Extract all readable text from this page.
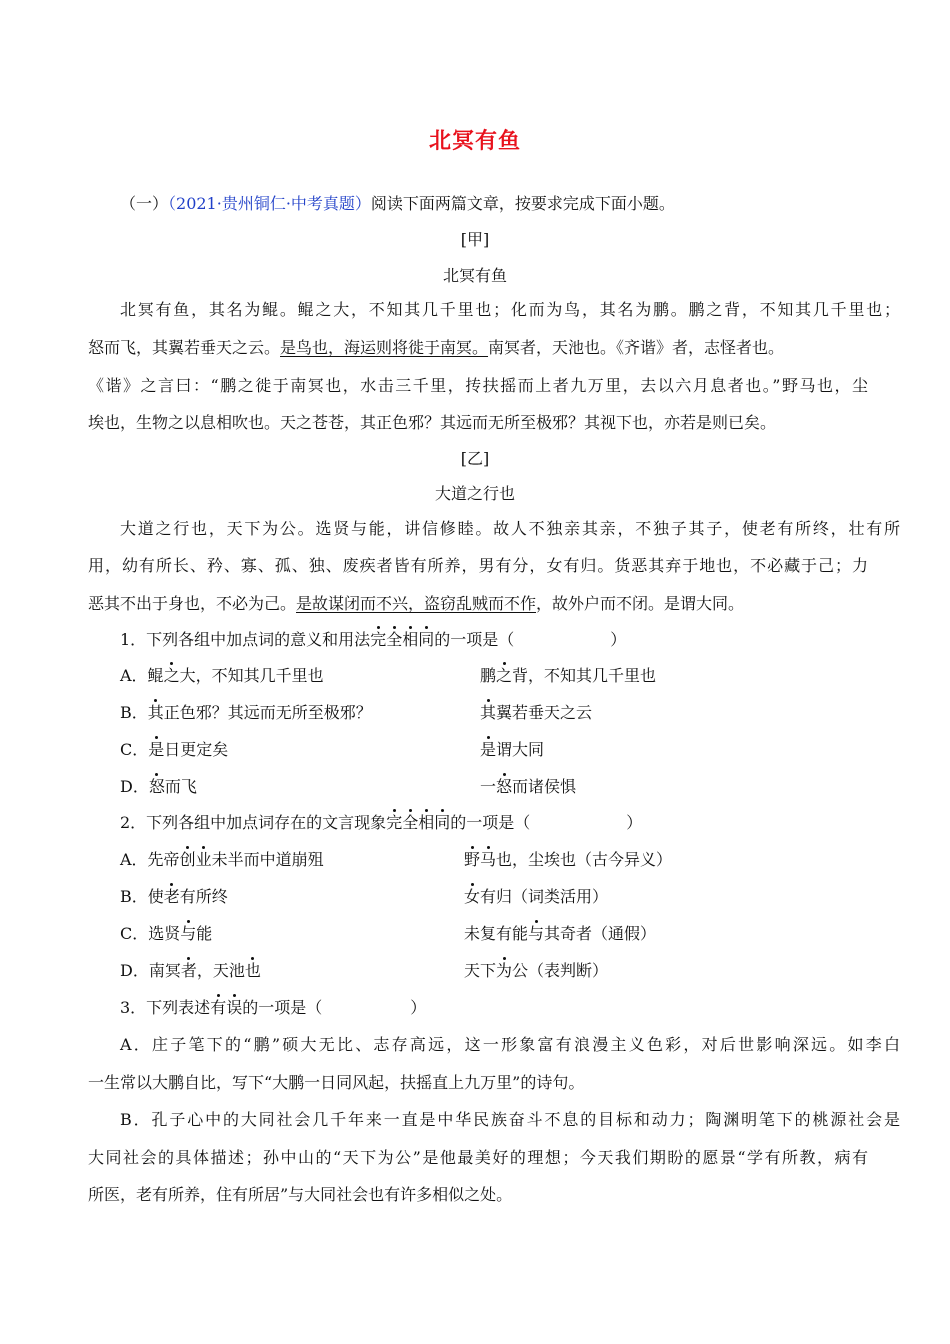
北冥有鱼
（一）（2021·贵州铜仁·中考真题）阅读下面两篇文章，按要求完成下面小题。
[甲]
北冥有鱼
北冥有鱼，其名为鲲。鲲之大，不知其几千里也；化而为鸟，其名为鹏。鹏之背，不知其几千里也；
怒而飞，其翼若垂天之云。是鸟也，海运则将徙于南冥。南冥者，天池也。《齐谐》者，志怪者也。
《谐》之言曰：“鹏之徙于南冥也，水击三千里，抟扶摇而上者九万里，去以六月息者也。”野马也，尘
埃也，生物之以息相吹也。天之苍苍，其正色邪？其远而无所至极邪？其视下也，亦若是则已矣。
[乙]
大道之行也
大道之行也，天下为公。选贤与能，讲信修睦。故人不独亲其亲，不独子其子，使老有所终，壮有所
用，幼有所长、矜、寡、孤、独、废疾者皆有所养，男有分，女有归。货恶其弃于地也，不必藏于己；力
恶其不出于身也，不必为己。是故谋闭而不兴，盗窃乱贼而不作，故外户而不闭。是谓大同。
1．下列各组中加点词的意义和用法完全相同的一项是（	）
A．鲲之大，不知其几千里也	鹏之背，不知其几千里也
B．其正色邪？其远而无所至极邪？	其翼若垂天之云
C．是日更定矣	是谓大同
D．怒而飞	一怒而诸侯惧
2．下列各组中加点词存在的文言现象完全相同的一项是（	）
A．先帝创业未半而中道崩殂	野马也，尘埃也（古今异义）
B．使老有所终	女有归（词类活用）
C．选贤与能	未复有能与其奇者（通假）
D．南冥者，天池也	天下为公（表判断）
3．下列表述有误的一项是（	）
A．庄子笔下的“鹏”硕大无比、志存高远，这一形象富有浪漫主义色彩，对后世影响深远。如李白
一生常以大鹏自比，写下“大鹏一日同风起，扶摇直上九万里”的诗句。
B．孔子心中的大同社会几千年来一直是中华民族奋斗不息的目标和动力；陶渊明笔下的桃源社会是
大同社会的具体描述；孙中山的“天下为公”是他最美好的理想；今天我们期盼的愿景“学有所教，病有
所医，老有所养，住有所居”与大同社会也有许多相似之处。
